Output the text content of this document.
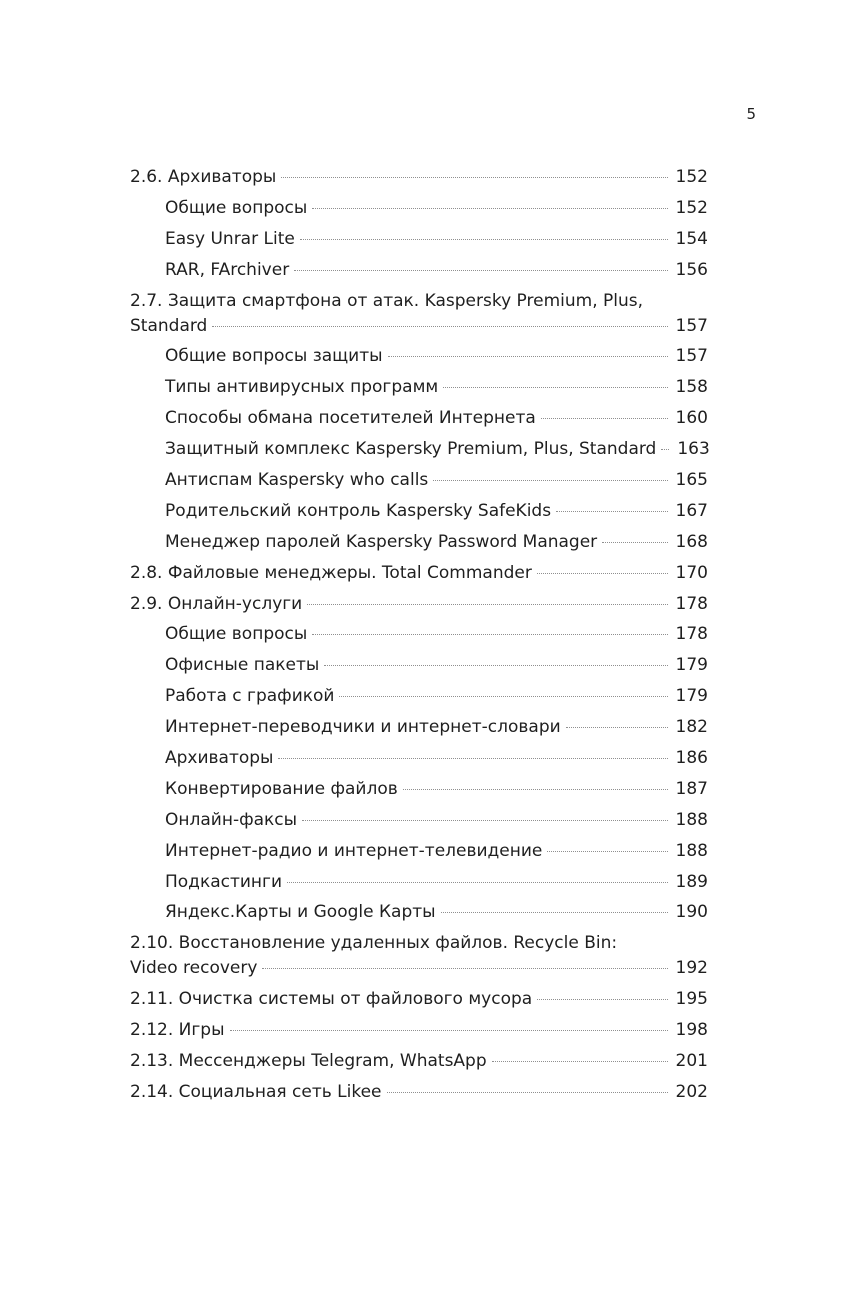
5
2.6. Архиваторы	152
Общие вопросы	152
Easy Unrar Lite	154
RAR, FArchiver	156
2.7. Защита смартфона от атак. Kaspersky Premium, Plus,
Standard	157
Общие вопросы защиты	157
Типы антивирусных программ	158
Способы обмана посетителей Интернета	160
Защитный комплекс Kaspersky Premium, Plus, Standard 163
Антиспам Kaspersky who calls	165
Родительский контроль Kaspersky SafeKids	167
Менеджер паролей Kaspersky Password Manager	168
2.8. Файловые менеджеры. Total Commander	170
2.9. Онлайн-услуги	178
Общие вопросы	178
Офисные пакеты	179
Работа с графикой	179
Интернет-переводчики и интернет-словари	182
Архиваторы	186
Конвертирование файлов	187
Онлайн-факсы	188
Интернет-радио и интернет-телевидение	188
Подкастинги	189
Яндекс.Карты и Google Карты	190
2.10. Восстановление удаленных файлов. Recycle Bin:
Video recovery	192
2.11. Очистка системы от файлового мусора	195
2.12. Игры	198
2.13. Мессенджеры Telegram, WhatsApp	201
2.14. Социальная сеть Likee	202
